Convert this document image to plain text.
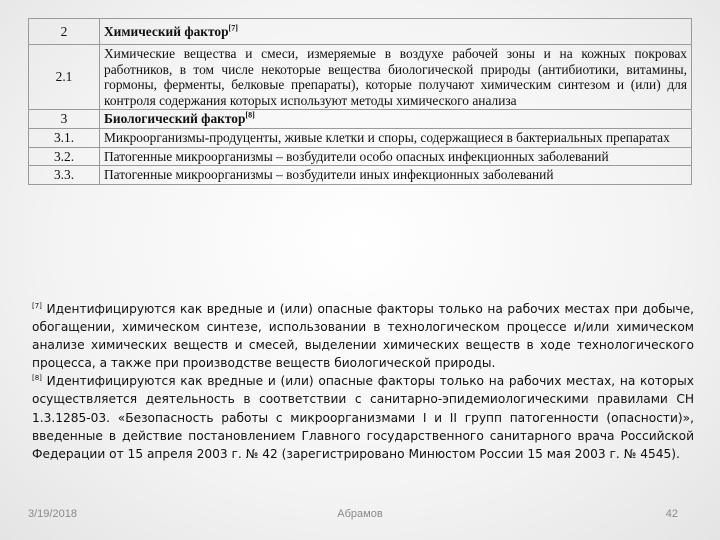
2	Химический фактор[7]
2.1	Химические вещества и смеси, измеряемые в воздухе рабочей зоны и на кожных покровах работников, в том числе некоторые вещества биологической природы (антибиотики, витамины, гормоны, ферменты, белковые препараты), которые получают химическим синтезом и (или) для контроля содержания которых используют методы химического анализа
3	Биологический фактор[8]
3.1.	Микроорганизмы-продуценты, живые клетки и споры, содержащиеся в бактериальных препаратах
3.2.	Патогенные микроорганизмы – возбудители особо опасных инфекционных заболеваний
3.3.	Патогенные микроорганизмы – возбудители иных инфекционных заболеваний

[7] Идентифицируются как вредные и (или) опасные факторы только на рабочих местах при добыче, обогащении, химическом синтезе, использовании в технологическом процессе и/или химическом анализе химических веществ и смесей, выделении химических веществ в ходе технологического процесса, а также при производстве веществ биологической природы.

[8] Идентифицируются как вредные и (или) опасные факторы только на рабочих местах, на которых осуществляется деятельность в соответствии с санитарно-эпидемиологическими правилами СН 1.3.1285-03. «Безопасность работы с микроорганизмами I и II групп патогенности (опасности)», введенные в действие постановлением Главного государственного санитарного врача Российской Федерации от 15 апреля 2003 г. № 42 (зарегистрировано Минюстом России 15 мая 2003 г. № 4545).

3/19/2018	Абрамов	42
